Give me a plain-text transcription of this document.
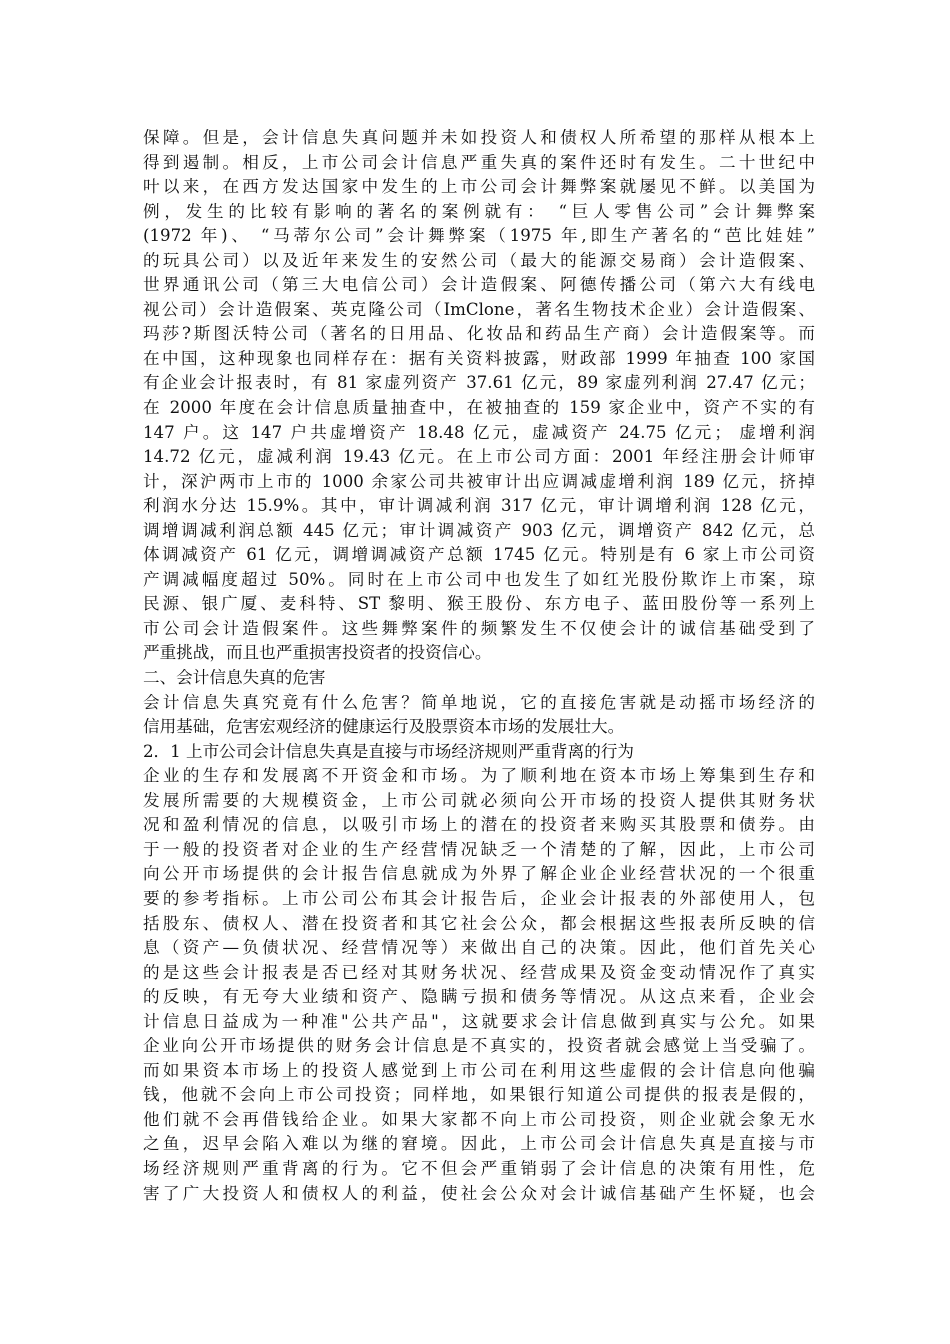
保障。但是，会计信息失真问题并未如投资人和债权人所希望的那样从根本上
得到遏制。相反，上市公司会计信息严重失真的案件还时有发生。二十世纪中
叶以来，在西方发达国家中发生的上市公司会计舞弊案就屡见不鲜。以美国为
例，发生的比较有影响的著名的案例就有： “巨人零售公司”会计舞弊案
(1972 年)、 “马蒂尔公司”会计舞弊案（1975 年,即生产著名的“芭比娃娃”
的玩具公司）以及近年来发生的安然公司（最大的能源交易商）会计造假案、
世界通讯公司（第三大电信公司）会计造假案、阿德传播公司（第六大有线电
视公司）会计造假案、英克隆公司（ImClone，著名生物技术企业）会计造假案、
玛莎?斯图沃特公司（著名的日用品、化妆品和药品生产商）会计造假案等。而
在中国，这种现象也同样存在：据有关资料披露，财政部 1999 年抽查 100 家国
有企业会计报表时，有 81 家虚列资产 37.61 亿元，89 家虚列利润 27.47 亿元；
在 2000 年度在会计信息质量抽查中，在被抽查的 159 家企业中，资产不实的有
147 户。这 147 户共虚增资产 18.48 亿元，虚减资产 24.75 亿元； 虚增利润
14.72 亿元，虚减利润 19.43 亿元。在上市公司方面：2001 年经注册会计师审
计，深沪两市上市的 1000 余家公司共被审计出应调减虚增利润 189 亿元，挤掉
利润水分达 15.9%。其中，审计调减利润 317 亿元，审计调增利润 128 亿元，
调增调减利润总额 445 亿元；审计调减资产 903 亿元，调增资产 842 亿元，总
体调减资产 61 亿元，调增调减资产总额 1745 亿元。特别是有 6 家上市公司资
产调减幅度超过 50%。同时在上市公司中也发生了如红光股份欺诈上市案，琼
民源、银广厦、麦科特、ST 黎明、猴王股份、东方电子、蓝田股份等一系列上
市公司会计造假案件。这些舞弊案件的频繁发生不仅使会计的诚信基础受到了
严重挑战，而且也严重损害投资者的投资信心。
二、会计信息失真的危害
会计信息失真究竟有什么危害？简单地说，它的直接危害就是动摇市场经济的
信用基础，危害宏观经济的健康运行及股票资本市场的发展壮大。
2．1 上市公司会计信息失真是直接与市场经济规则严重背离的行为
企业的生存和发展离不开资金和市场。为了顺利地在资本市场上筹集到生存和
发展所需要的大规模资金，上市公司就必须向公开市场的投资人提供其财务状
况和盈利情况的信息，以吸引市场上的潜在的投资者来购买其股票和债券。由
于一般的投资者对企业的生产经营情况缺乏一个清楚的了解，因此，上市公司
向公开市场提供的会计报告信息就成为外界了解企业企业经营状况的一个很重
要的参考指标。上市公司公布其会计报告后，企业会计报表的外部使用人，包
括股东、债权人、潜在投资者和其它社会公众，都会根据这些报表所反映的信
息（资产—负债状况、经营情况等）来做出自己的决策。因此，他们首先关心
的是这些会计报表是否已经对其财务状况、经营成果及资金变动情况作了真实
的反映，有无夸大业绩和资产、隐瞒亏损和债务等情况。从这点来看，企业会
计信息日益成为一种准"公共产品"，这就要求会计信息做到真实与公允。如果
企业向公开市场提供的财务会计信息是不真实的，投资者就会感觉上当受骗了。
而如果资本市场上的投资人感觉到上市公司在利用这些虚假的会计信息向他骗
钱，他就不会向上市公司投资；同样地，如果银行知道公司提供的报表是假的，
他们就不会再借钱给企业。如果大家都不向上市公司投资，则企业就会象无水
之鱼，迟早会陷入难以为继的窘境。因此，上市公司会计信息失真是直接与市
场经济规则严重背离的行为。它不但会严重销弱了会计信息的决策有用性，危
害了广大投资人和债权人的利益，使社会公众对会计诚信基础产生怀疑，也会
